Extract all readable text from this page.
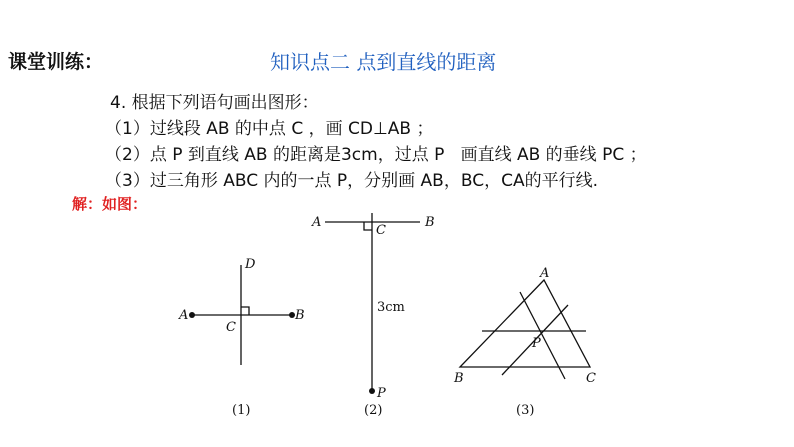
课堂训练：	知识点二 点到直线的距离
4. 根据下列语句画出图形：
（1）过线段 AB 的中点 C ，画 CD⊥AB ；
（2）点 P 到直线 AB 的距离是3cm，过点 P   画直线 AB 的垂线 PC ；
（3）过三角形 ABC 内的一点 P，分别画 AB，BC，CA的平行线.
解：如图：
A	B
C
D
(1)
A	B
C
P
3cm
(2)
A
B	C
P
(3)
